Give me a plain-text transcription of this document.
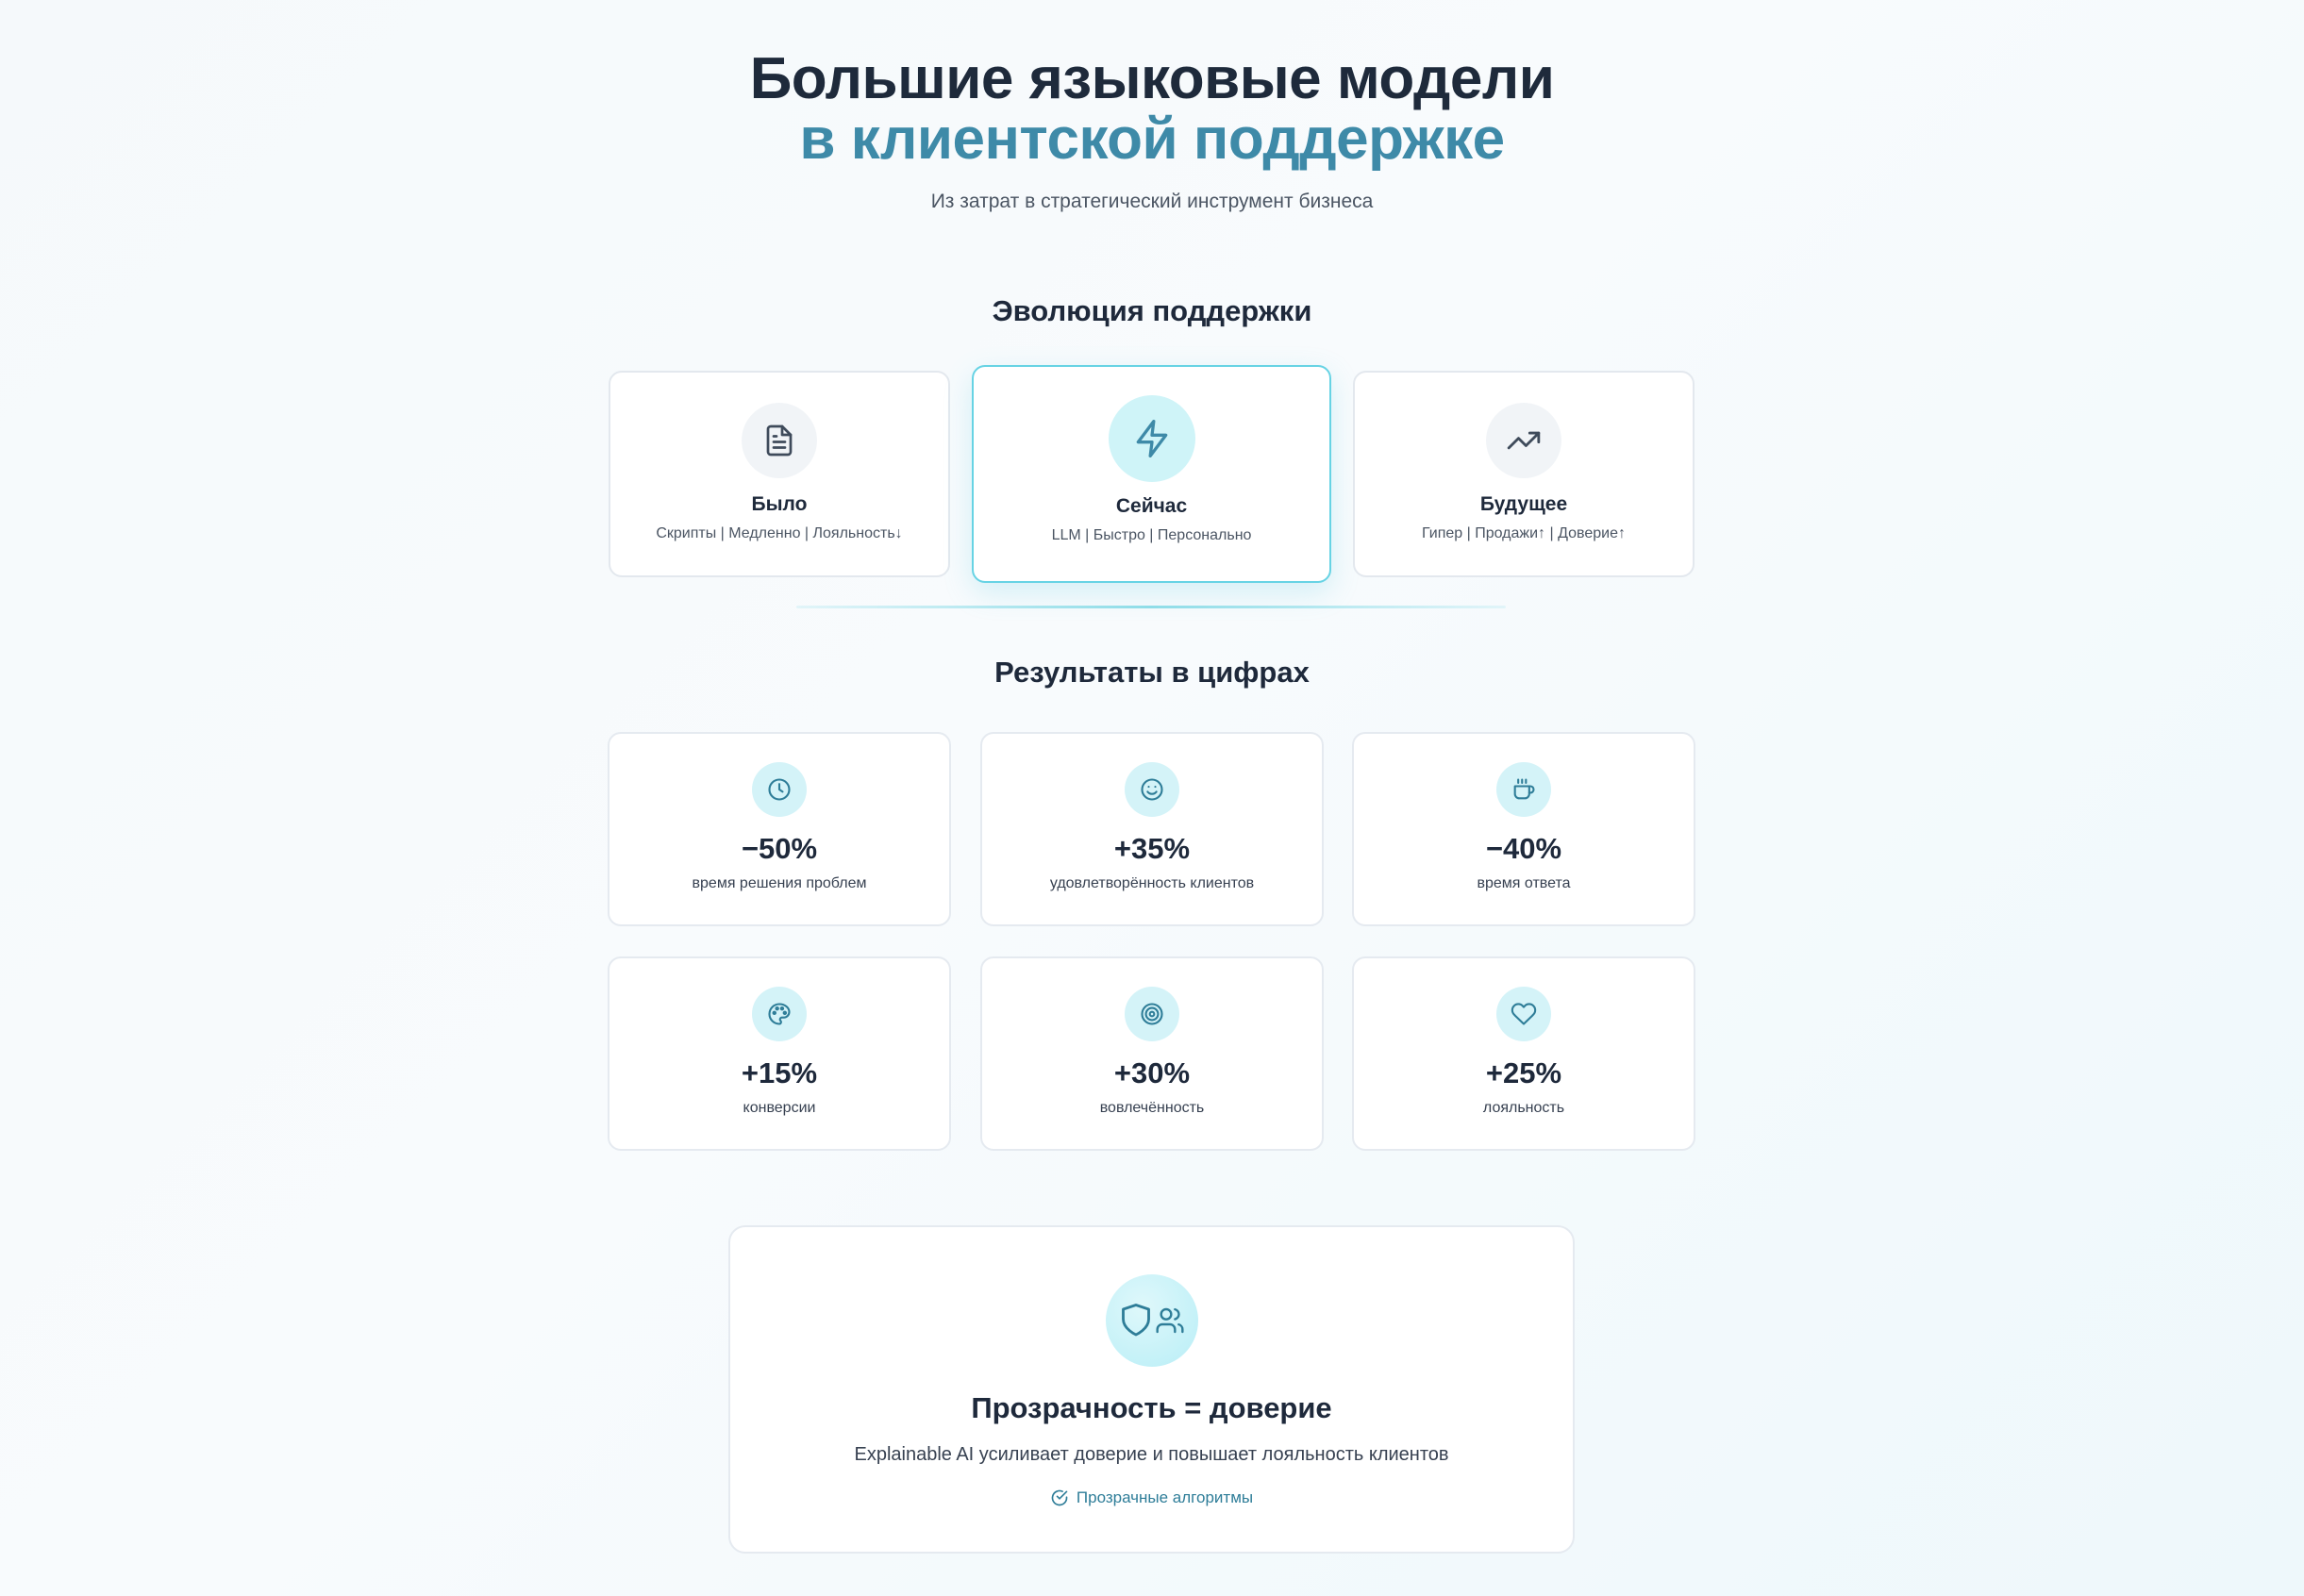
Большие языковые модели
в клиентской поддержке
Из затрат в стратегический инструмент бизнеса
Эволюция поддержки
Было
Скрипты | Медленно | Лояльность↓
Сейчас
LLM | Быстро | Персонально
Будущее
Гипер | Продажи↑ | Доверие↑
Результаты в цифрах
−50%
время решения проблем
+35%
удовлетворённость клиентов
−40%
время ответа
+15%
конверсии
+30%
вовлечённость
+25%
лояльность
Прозрачность = доверие
Explainable AI усиливает доверие и повышает лояльность клиентов
Прозрачные алгоритмы
